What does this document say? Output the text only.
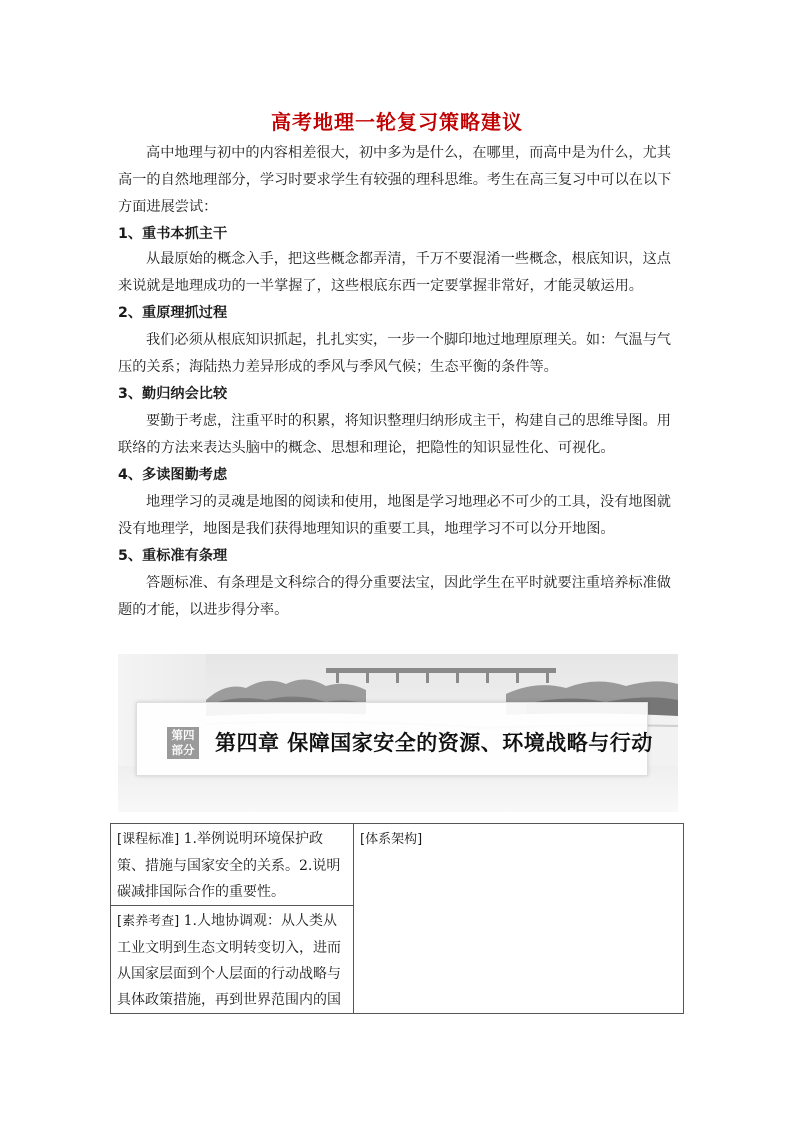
高考地理一轮复习策略建议

高中地理与初中的内容相差很大，初中多为是什么，在哪里，而高中是为什么，尤其高一的自然地理部分，学习时要求学生有较强的理科思维。考生在高三复习中可以在以下方面进展尝试：

1、重书本抓主干

从最原始的概念入手，把这些概念都弄清，千万不要混淆一些概念，根底知识，这点来说就是地理成功的一半掌握了，这些根底东西一定要掌握非常好，才能灵敏运用。

2、重原理抓过程

我们必须从根底知识抓起，扎扎实实，一步一个脚印地过地理原理关。如：气温与气压的关系；海陆热力差异形成的季风与季风气候；生态平衡的条件等。

3、勤归纳会比较

要勤于考虑，注重平时的积累，将知识整理归纳形成主干，构建自己的思维导图。用联络的方法来表达头脑中的概念、思想和理论，把隐性的知识显性化、可视化。

4、多读图勤考虑

地理学习的灵魂是地图的阅读和使用，地图是学习地理必不可少的工具，没有地图就没有地理学，地图是我们获得地理知识的重要工具，地理学习不可以分开地图。

5、重标准有条理

答题标准、有条理是文科综合的得分重要法宝，因此学生在平时就要注重培养标准做题的才能，以进步得分率。

第四
部分 第四章 保障国家安全的资源、环境战略与行动
[课程标准] 1.举例说明环境保护政策、措施与国家安全的关系。2.说明碳减排国际合作的重要性。	[体系架构]
[素养考查] 1.人地协调观：从人类从工业文明到生态文明转变切入，进而从国家层面到个人层面的行动战略与具体政策措施，再到世界范围内的国
